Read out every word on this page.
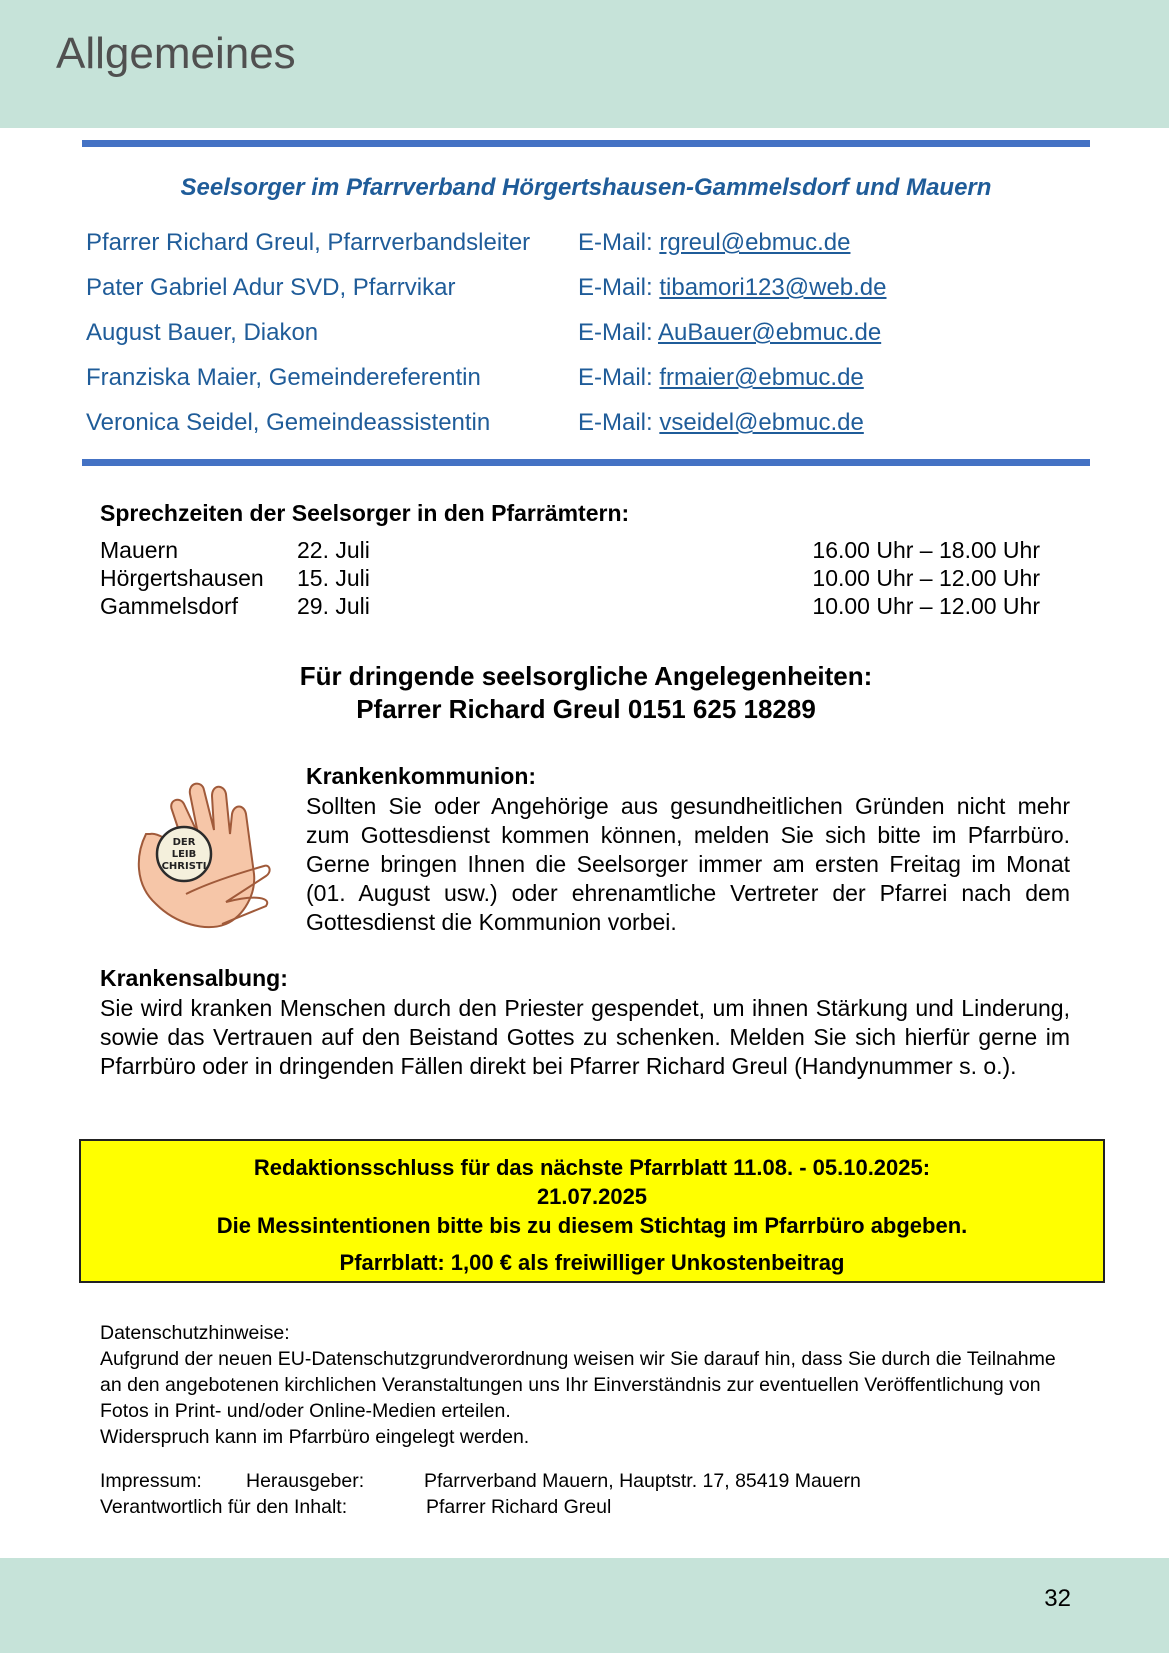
Allgemeines
Seelsorger im Pfarrverband Hörgertshausen-Gammelsdorf und Mauern
Pfarrer Richard Greul, Pfarrverbandsleiter E-Mail: rgreul@ebmuc.de
Pater Gabriel Adur SVD, Pfarrvikar	E-Mail: tibamori123@web.de
August Bauer, Diakon	E-Mail: AuBauer@ebmuc.de
Franziska Maier, Gemeindereferentin	E-Mail: frmaier@ebmuc.de
Veronica Seidel, Gemeindeassistentin	E-Mail: vseidel@ebmuc.de
Sprechzeiten der Seelsorger in den Pfarrämtern:
Mauern	22. Juli	16.00 Uhr – 18.00 Uhr
Hörgertshausen 15. Juli	10.00 Uhr – 12.00 Uhr
Gammelsdorf	29. Juli	10.00 Uhr – 12.00 Uhr
Für dringende seelsorgliche Angelegenheiten:
Pfarrer Richard Greul 0151 625 18289
DER
LEIB
CHRISTI
Krankenkommunion:
Sollten Sie oder Angehörige aus gesundheitlichen Gründen nicht mehr zum Gottesdienst kommen können, melden Sie sich bitte im Pfarrbüro. Gerne bringen Ihnen die Seelsorger immer am ersten Freitag im Monat (01. August usw.) oder ehrenamtliche Vertreter der Pfarrei nach dem Gottesdienst die Kommunion vorbei.
Krankensalbung:
Sie wird kranken Menschen durch den Priester gespendet, um ihnen Stärkung und Linderung, sowie das Vertrauen auf den Beistand Gottes zu schenken. Melden Sie sich hierfür gerne im Pfarrbüro oder in dringenden Fällen direkt bei Pfarrer Richard Greul (Handynummer s. o.).
Redaktionsschluss für das nächste Pfarrblatt 11.08. - 05.10.2025:
21.07.2025
Die Messintentionen bitte bis zu diesem Stichtag im Pfarrbüro abgeben.
Pfarrblatt: 1,00 € als freiwilliger Unkostenbeitrag
Datenschutzhinweise:
Aufgrund der neuen EU-Datenschutzgrundverordnung weisen wir Sie darauf hin, dass Sie durch die Teilnahme an den angebotenen kirchlichen Veranstaltungen uns Ihr Einverständnis zur eventuellen Veröffentlichung von Fotos in Print- und/oder Online-Medien erteilen.
Widerspruch kann im Pfarrbüro eingelegt werden.
Impressum: Herausgeber:	Pfarrverband Mauern, Hauptstr. 17, 85419 Mauern
Verantwortlich für den Inhalt:	Pfarrer Richard Greul
32
